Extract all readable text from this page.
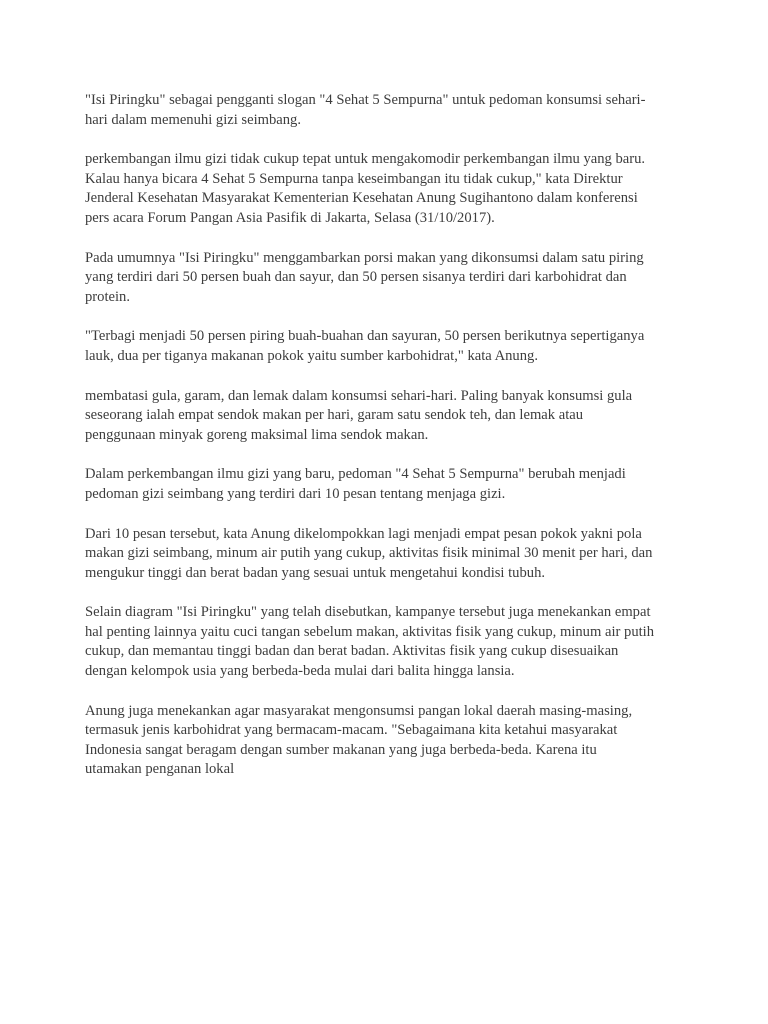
"Isi Piringku" sebagai pengganti slogan "4 Sehat 5 Sempurna" untuk pedoman konsumsi sehari-
hari dalam memenuhi gizi seimbang.

perkembangan ilmu gizi tidak cukup tepat untuk mengakomodir perkembangan ilmu yang baru.
Kalau hanya bicara 4 Sehat 5 Sempurna tanpa keseimbangan itu tidak cukup," kata Direktur
Jenderal Kesehatan Masyarakat Kementerian Kesehatan Anung Sugihantono dalam konferensi
pers acara Forum Pangan Asia Pasifik di Jakarta, Selasa (31/10/2017).

Pada umumnya "Isi Piringku" menggambarkan porsi makan yang dikonsumsi dalam satu piring
yang terdiri dari 50 persen buah dan sayur, dan 50 persen sisanya terdiri dari karbohidrat dan
protein.

"Terbagi menjadi 50 persen piring buah-buahan dan sayuran, 50 persen berikutnya sepertiganya
lauk, dua per tiganya makanan pokok yaitu sumber karbohidrat," kata Anung.

membatasi gula, garam, dan lemak dalam konsumsi sehari-hari. Paling banyak konsumsi gula
seseorang ialah empat sendok makan per hari, garam satu sendok teh, dan lemak atau
penggunaan minyak goreng maksimal lima sendok makan.

Dalam perkembangan ilmu gizi yang baru, pedoman "4 Sehat 5 Sempurna" berubah menjadi
pedoman gizi seimbang yang terdiri dari 10 pesan tentang menjaga gizi.

Dari 10 pesan tersebut, kata Anung dikelompokkan lagi menjadi empat pesan pokok yakni pola
makan gizi seimbang, minum air putih yang cukup, aktivitas fisik minimal 30 menit per hari, dan
mengukur tinggi dan berat badan yang sesuai untuk mengetahui kondisi tubuh.

Selain diagram "Isi Piringku" yang telah disebutkan, kampanye tersebut juga menekankan empat
hal penting lainnya yaitu cuci tangan sebelum makan, aktivitas fisik yang cukup, minum air putih
cukup, dan memantau tinggi badan dan berat badan. Aktivitas fisik yang cukup disesuaikan
dengan kelompok usia yang berbeda-beda mulai dari balita hingga lansia.

Anung juga menekankan agar masyarakat mengonsumsi pangan lokal daerah masing-masing,
termasuk jenis karbohidrat yang bermacam-macam. "Sebagaimana kita ketahui masyarakat
Indonesia sangat beragam dengan sumber makanan yang juga berbeda-beda. Karena itu
utamakan penganan lokal
